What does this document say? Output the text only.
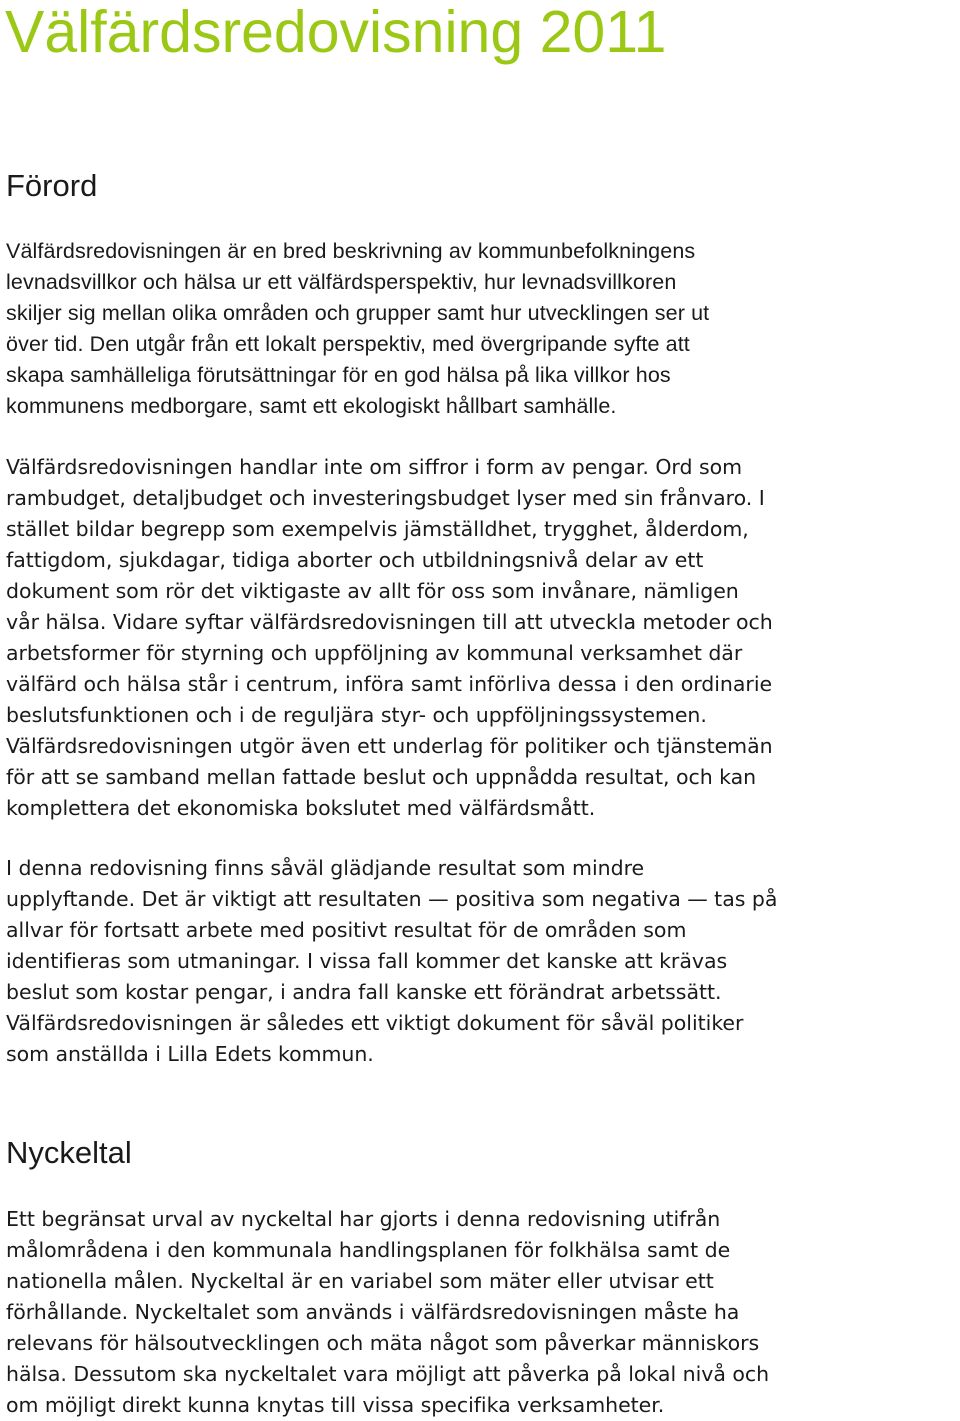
Välfärdsredovisning 2011
Förord

Välfärdsredovisningen är en bred beskrivning av kommunbefolkningens
levnadsvillkor och hälsa ur ett välfärdsperspektiv, hur levnadsvillkoren
skiljer sig mellan olika områden och grupper samt hur utvecklingen ser ut
över tid. Den utgår från ett lokalt perspektiv, med övergripande syfte att
skapa samhälleliga förutsättningar för en god hälsa på lika villkor hos
kommunens medborgare, samt ett ekologiskt hållbart samhälle.

Välfärdsredovisningen handlar inte om siffror i form av pengar. Ord som
rambudget, detaljbudget och investeringsbudget lyser med sin frånvaro. I
stället bildar begrepp som exempelvis jämställdhet, trygghet, ålderdom,
fattigdom, sjukdagar, tidiga aborter och utbildningsnivå delar av ett
dokument som rör det viktigaste av allt för oss som invånare, nämligen
vår hälsa. Vidare syftar välfärdsredovisningen till att utveckla metoder och
arbetsformer för styrning och uppföljning av kommunal verksamhet där
välfärd och hälsa står i centrum, införa samt införliva dessa i den ordinarie
beslutsfunktionen och i de reguljära styr- och uppföljningssystemen.
Välfärdsredovisningen utgör även ett underlag för politiker och tjänstemän
för att se samband mellan fattade beslut och uppnådda resultat, och kan
komplettera det ekonomiska bokslutet med välfärdsmått.

I denna redovisning finns såväl glädjande resultat som mindre
upplyftande. Det är viktigt att resultaten — positiva som negativa — tas på
allvar för fortsatt arbete med positivt resultat för de områden som
identifieras som utmaningar. I vissa fall kommer det kanske att krävas
beslut som kostar pengar, i andra fall kanske ett förändrat arbetssätt.
Välfärdsredovisningen är således ett viktigt dokument för såväl politiker
som anställda i Lilla Edets kommun.

Nyckeltal

Ett begränsat urval av nyckeltal har gjorts i denna redovisning utifrån
målområdena i den kommunala handlingsplanen för folkhälsa samt de
nationella målen. Nyckeltal är en variabel som mäter eller utvisar ett
förhållande. Nyckeltalet som används i välfärdsredovisningen måste ha
relevans för hälsoutvecklingen och mäta något som påverkar människors
hälsa. Dessutom ska nyckeltalet vara möjligt att påverka på lokal nivå och
om möjligt direkt kunna knytas till vissa specifika verksamheter.
